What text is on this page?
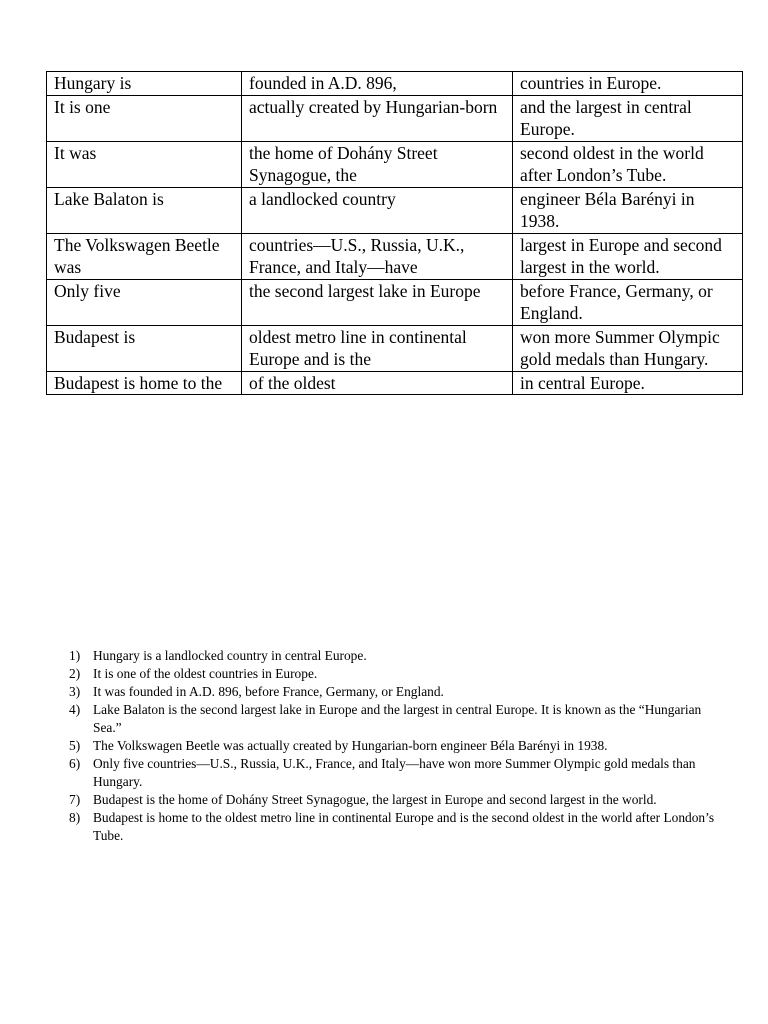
Hungary is	founded in A.D. 896,	countries in Europe.
It is one	actually created by Hungarian-born	and the largest in central Europe.
It was	the home of Dohány Street Synagogue, the	second oldest in the world after London’s Tube.
Lake Balaton is	a landlocked country	engineer Béla Barényi in 1938.
The Volkswagen Beetle was	countries—U.S., Russia, U.K., France, and Italy—have	largest in Europe and second largest in the world.
Only five	the second largest lake in Europe	before France, Germany, or England.
Budapest is	oldest metro line in continental Europe and is the	won more Summer Olympic gold medals than Hungary.
Budapest is home to the	of the oldest	in central Europe.
1) Hungary is a landlocked country in central Europe.
2) It is one of the oldest countries in Europe.
3) It was founded in A.D. 896, before France, Germany, or England.
4) Lake Balaton is the second largest lake in Europe and the largest in central Europe. It is known as the “Hungarian Sea.”
5) The Volkswagen Beetle was actually created by Hungarian-born engineer Béla Barényi in 1938.
6) Only five countries—U.S., Russia, U.K., France, and Italy—have won more Summer Olympic gold medals than Hungary.
7) Budapest is the home of Dohány Street Synagogue, the largest in Europe and second largest in the world.
8) Budapest is home to the oldest metro line in continental Europe and is the second oldest in the world after London’s Tube.
